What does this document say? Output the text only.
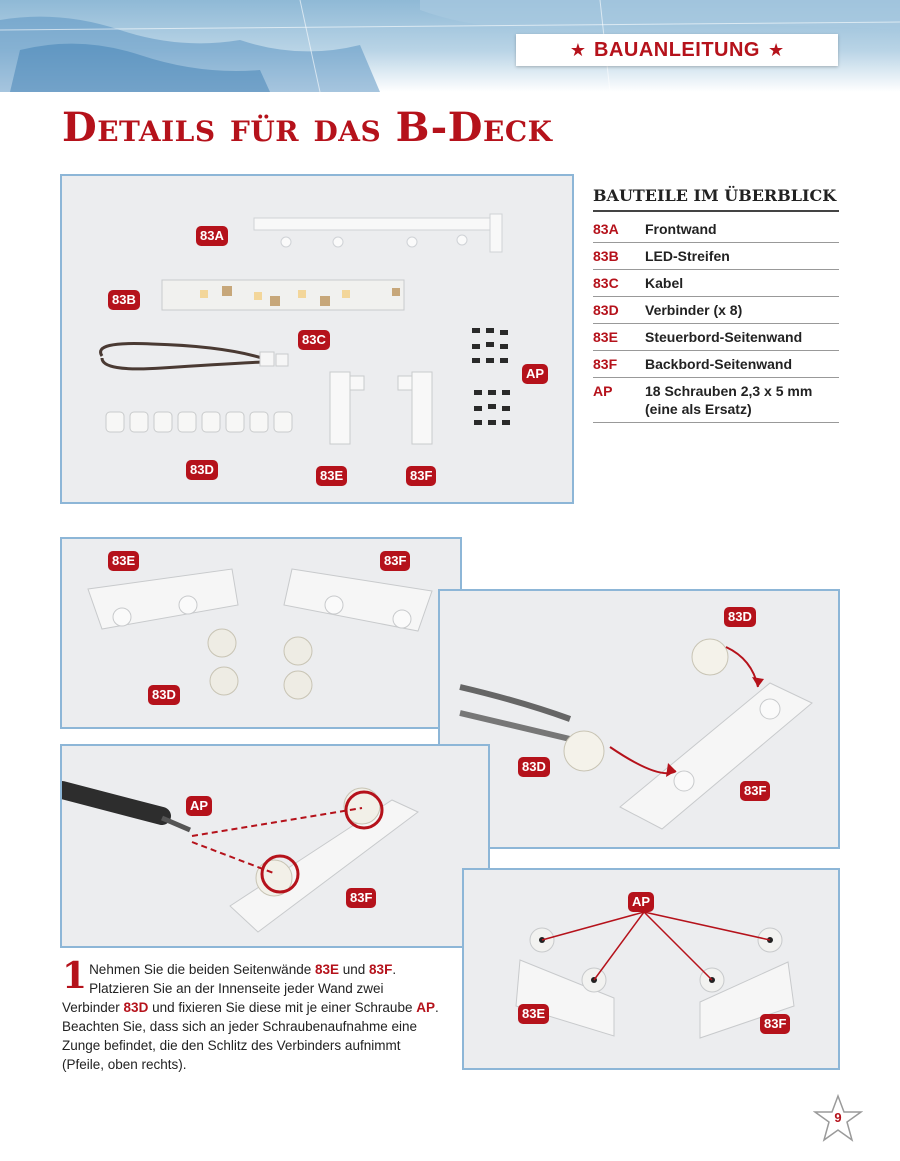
★ BAUANLEITUNG ★
Details für das B-Deck
83A
83B
83C
AP
83D	83E	83F
BAUTEILE IM ÜBERBLICK
83A	Frontwand
83B	LED-Streifen
83C	Kabel
83D	Verbinder (x 8)
83E	Steuerbord-Seitenwand
83F	Backbord-Seitenwand
AP	18 Schrauben 2,3 x 5 mm (eine als Ersatz)
83E	83F
83D
83D
83D
83F
AP
83F	AP
83E
83F
1 Nehmen Sie die beiden Seitenwände 83E und 83F. Platzieren Sie an der Innenseite jeder Wand zwei Verbinder 83D und fixieren Sie diese mit je einer Schraube AP. Beachten Sie, dass sich an jeder Schraubenaufnahme eine Zunge befindet, die den Schlitz des Verbinders aufnimmt (Pfeile, oben rechts).
9
